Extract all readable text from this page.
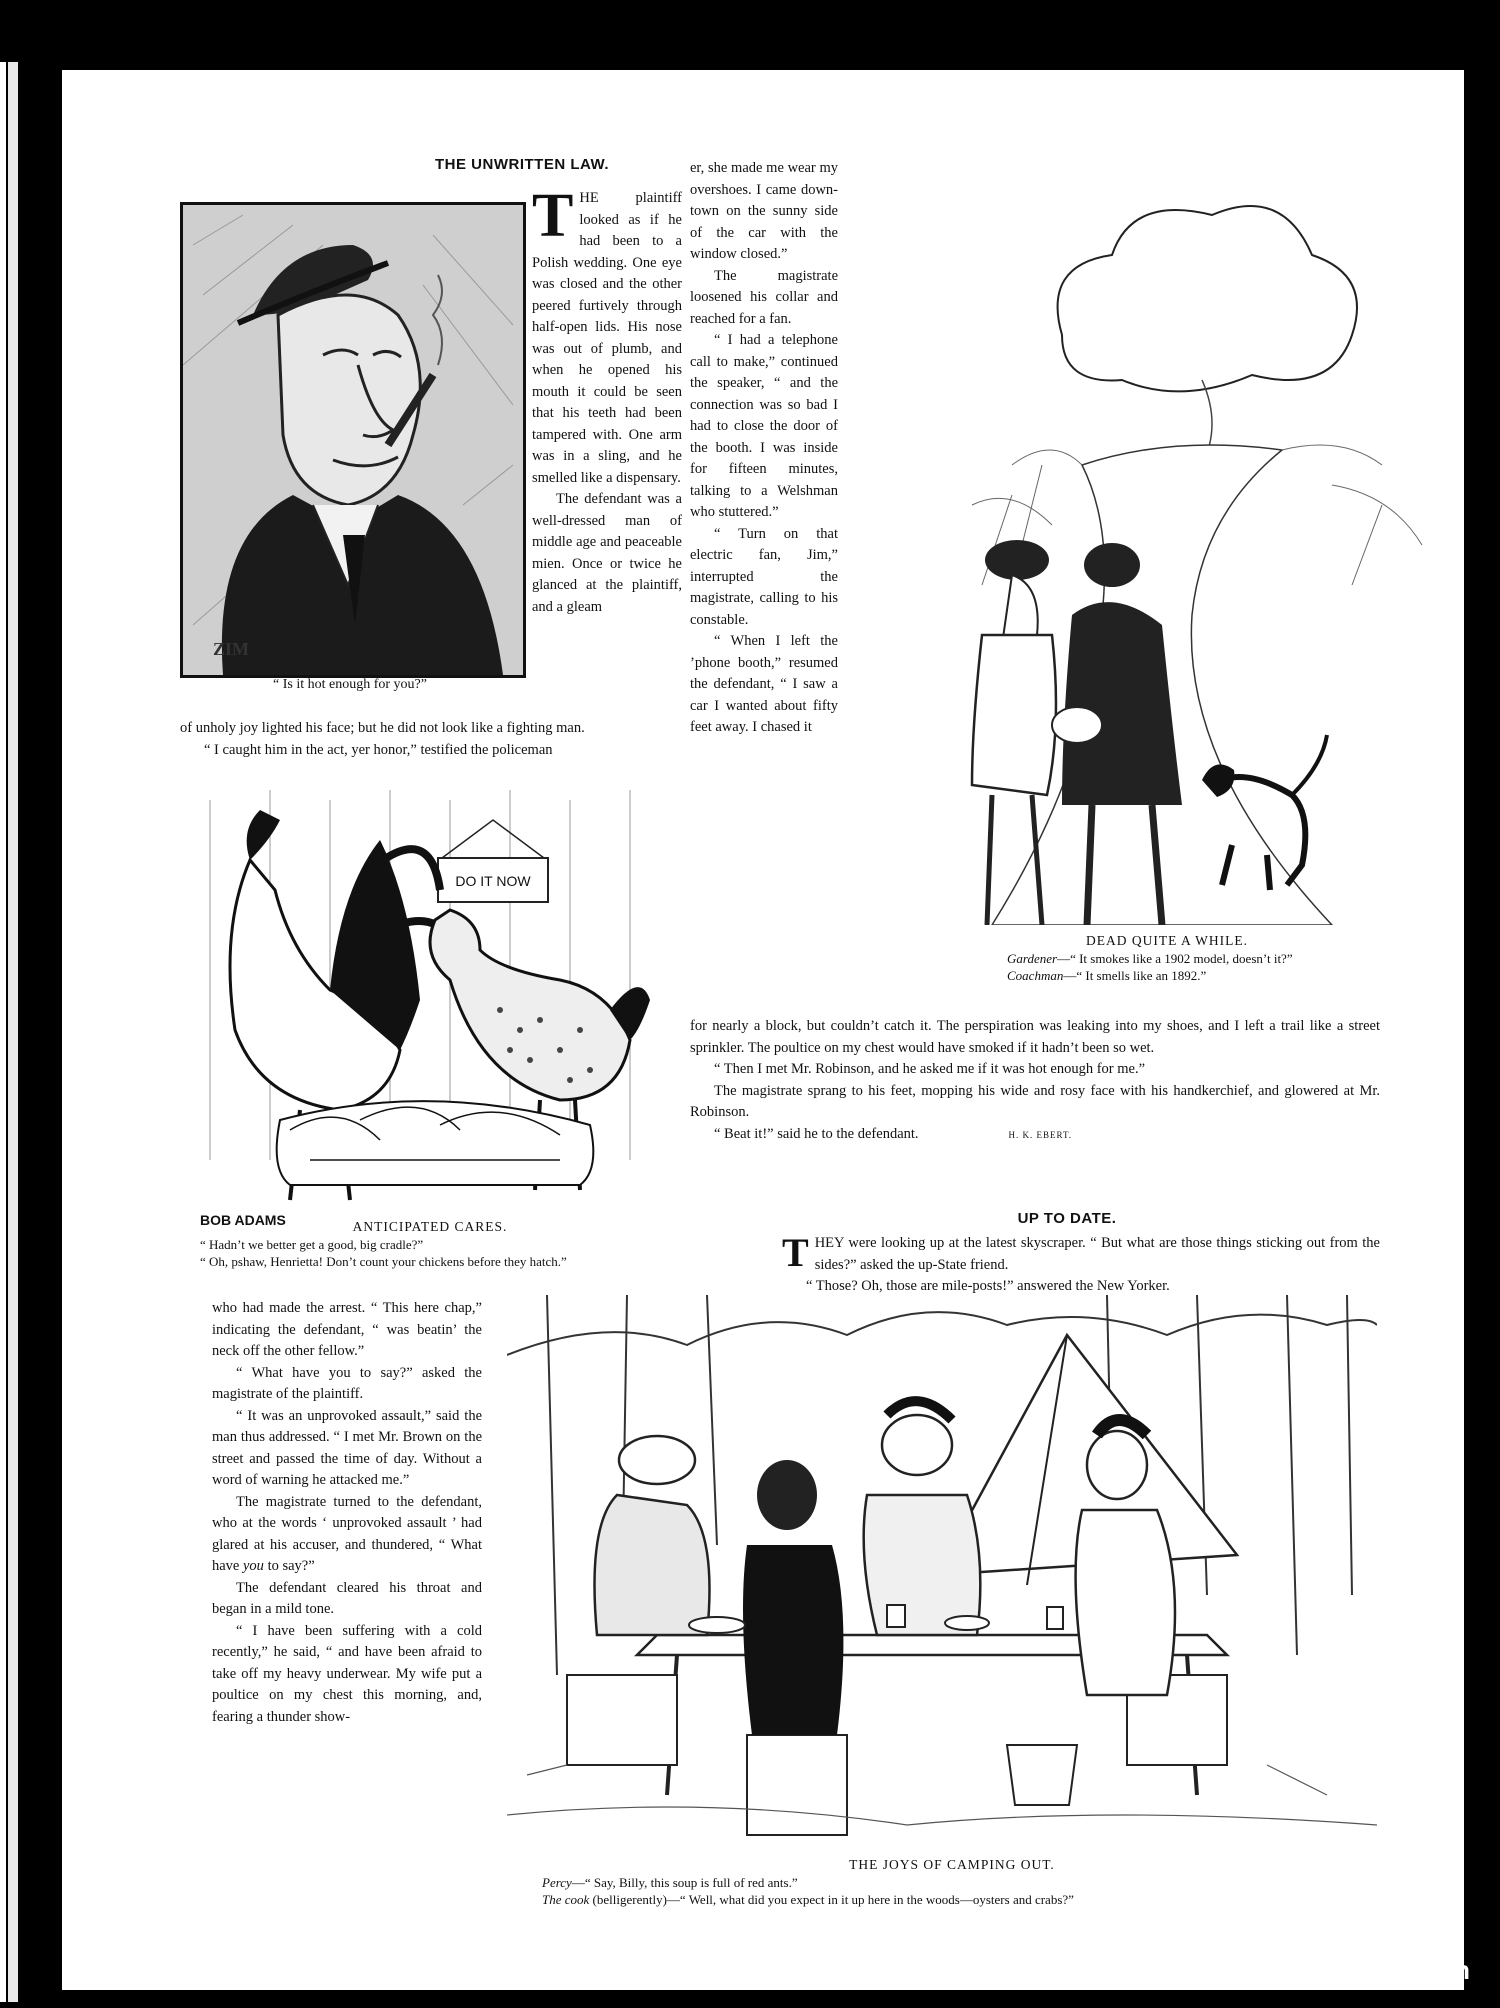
THE UNWRITTEN LAW.
ZIM
“ Is it hot enough for you?”

THE plaintiff looked as if he had been to a Polish wedding. One eye was closed and the other peered furtively through half-open lids. His nose was out of plumb, and when he opened his mouth it could be seen that his teeth had been tampered with. One arm was in a sling, and he smelled like a dispensary.

The defendant was a well-dressed man of middle age and peaceable mien. Once or twice he glanced at the plaintiff, and a gleam

of unholy joy lighted his face; but he did not look like a fighting man.

“ I caught him in the act, yer honor,” testified the policeman

er, she made me wear my overshoes. I came down-town on the sunny side of the car with the window closed.”

The magistrate loosened his collar and reached for a fan.

“ I had a telephone call to make,” continued the speaker, “ and the connection was so bad I had to close the door of the booth. I was inside for fifteen minutes, talking to a Welshman who stuttered.”

“ Turn on that electric fan, Jim,” interrupted the magistrate, calling to his constable.

“ When I left the ’phone booth,” resumed the defendant, “ I saw a car I wanted about fifty feet away. I chased it

DO IT NOW
BOB ADAMS	ANTICIPATED CARES.
“ Hadn’t we better get a good, big cradle?”
“ Oh, pshaw, Henrietta! Don’t count your chickens before they hatch.”
DEAD QUITE A WHILE.
Gardener—“ It smokes like a 1902 model, doesn’t it?”
Coachman—“ It smells like an 1892.”

for nearly a block, but couldn’t catch it. The perspiration was leaking into my shoes, and I left a trail like a street sprinkler. The poultice on my chest would have smoked if it hadn’t been so wet.

“ Then I met Mr. Robinson, and he asked me if it was hot enough for me.”

The magistrate sprang to his feet, mopping his wide and rosy face with his handkerchief, and glowered at Mr. Robinson.

“ Beat it!” said he to the defendant.	H. K. EBERT.

UP TO DATE.

THEY were looking up at the latest skyscraper. “ But what are those things sticking out from the sides?” asked the up-State friend.

“ Those? Oh, those are mile-posts!” answered the New Yorker.

who had made the arrest. “ This here chap,” indicating the defendant, “ was beatin’ the neck off the other fellow.”

“ What have you to say?” asked the magistrate of the plaintiff.

“ It was an unprovoked assault,” said the man thus addressed. “ I met Mr. Brown on the street and passed the time of day. Without a word of warning he attacked me.”

The magistrate turned to the defendant, who at the words ‘ unprovoked assault ’ had glared at his accuser, and thundered, “ What have you to say?”

The defendant cleared his throat and began in a mild tone.

“ I have been suffering with a cold recently,” he said, “ and have been afraid to take off my heavy underwear. My wife put a poultice on my chest this morning, and, fearing a thunder show-

THE JOYS OF CAMPING OUT.
Percy—“ Say, Billy, this soup is full of red ants.”
The cook (belligerently)—“ Well, what did you expect in it up here in the woods—oysters and crabs?”
comicbooks.com
